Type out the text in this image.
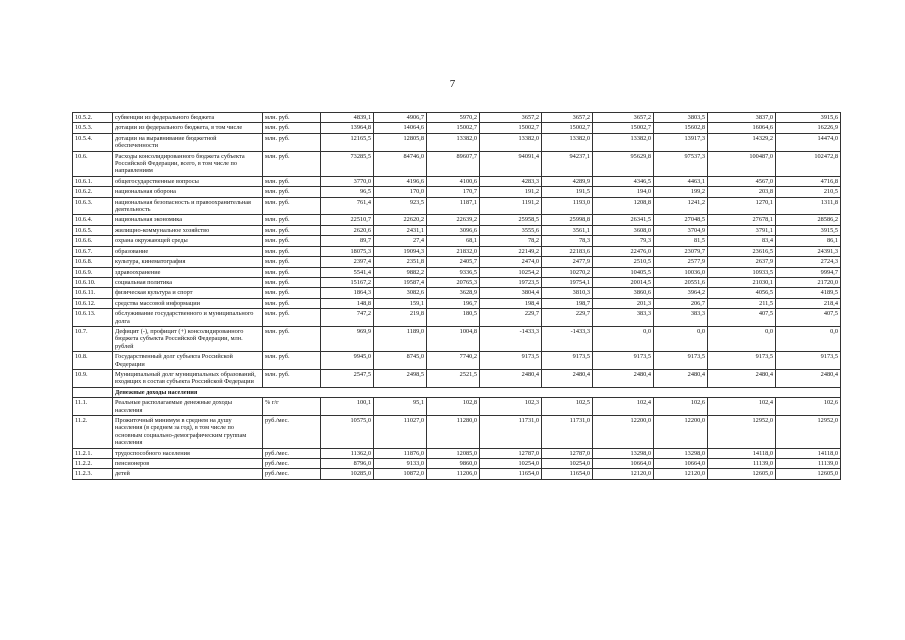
7
10.5.2.	субвенции из федерального бюджета	млн. руб.	4839,1	4906,7	5970,2	3657,2	3657,2	3657,2	3803,5	3837,0	3915,6
10.5.3.	дотации из федерального бюджета, в том числе	млн. руб.	13964,8	14064,6	15002,7	15002,7	15002,7	15002,7	15602,8	16064,6	16226,9
10.5.4.	дотации на выравнивание бюджетной обеспеченности	млн. руб.	12165,5	12805,8	13382,0	13382,0	13382,0	13382,0	13917,3	14329,2	14474,0
10.6.	Расходы консолидированного бюджета субъекта Российской Федерации, всего, в том числе по направлениям	млн. руб.	73285,5	84746,0	89607,7	94091,4	94237,1	95629,8	97537,3	100487,0	102472,8
10.6.1.	общегосударственные вопросы	млн. руб.	3770,0	4196,6	4100,6	4283,3	4289,9	4346,5	4463,1	4567,0	4716,8
10.6.2.	национальная оборона	млн. руб.	96,5	170,0	170,7	191,2	191,5	194,0	199,2	203,8	210,5
10.6.3.	национальная безопасность и правоохранительная деятельность	млн. руб.	761,4	923,5	1187,1	1191,2	1193,0	1208,8	1241,2	1270,1	1311,8
10.6.4.	национальная экономика	млн. руб.	22510,7	22620,2	22639,2	25958,5	25998,8	26341,5	27048,5	27678,1	28586,2
10.6.5.	жилищно-коммунальное хозяйство	млн. руб.	2620,6	2431,1	3096,6	3555,6	3561,1	3608,0	3704,9	3791,1	3915,5
10.6.6.	охрана окружающей среды	млн. руб.	89,7	27,4	68,1	78,2	78,3	79,3	81,5	83,4	86,1
10.6.7.	образование	млн. руб.	18075,3	19094,3	21832,0	22149,2	22183,6	22476,0	23079,7	23616,5	24391,3
10.6.8.	культура, кинематография	млн. руб.	2397,4	2351,8	2405,7	2474,0	2477,9	2510,5	2577,9	2637,9	2724,3
10.6.9.	здравоохранение	млн. руб.	5541,4	9882,2	9336,5	10254,2	10270,2	10405,5	10036,0	10933,5	9994,7
10.6.10.	социальная политика	млн. руб.	15167,2	19587,4	20765,3	19723,5	19754,1	20014,5	20551,6	21030,1	21720,0
10.6.11.	физическая культура и спорт	млн. руб.	1864,3	3082,6	3628,9	3804,4	3810,3	3860,6	3964,2	4056,5	4189,5
10.6.12.	средства массовой информации	млн. руб.	148,8	159,1	196,7	198,4	198,7	201,3	206,7	211,5	218,4
10.6.13.	обслуживание государственного и муниципального долга	млн. руб.	747,2	219,8	180,5	229,7	229,7	383,3	383,3	407,5	407,5
10.7.	Дефицит (-), профицит (+) консолидированного бюджета субъекта Российской Федерации, млн. рублей	млн. руб.	969,9	1189,0	1004,8	-1433,3	-1433,3	0,0	0,0	0,0	0,0
10.8.	Государственный долг субъекта Российской Федерации	млн. руб.	9945,0	8745,0	7740,2	9173,5	9173,5	9173,5	9173,5	9173,5	9173,5
10.9.	Муниципальный долг муниципальных образований, входящих в состав субъекта Российской Федерации	млн. руб.	2547,5	2498,5	2521,5	2480,4	2480,4	2480,4	2480,4	2480,4	2480,4
	Денежные доходы населения										
11.1.	Реальные располагаемые денежные доходы населения	% г/г	100,1	95,1	102,8	102,3	102,5	102,4	102,6	102,4	102,6
11.2.	Прожиточный минимум в среднем на душу населения (в среднем за год), в том числе по основным социально-демографическим группам населения	руб./мес.	10575,0	11027,0	11280,0	11731,0	11731,0	12200,0	12200,0	12952,0	12952,0
11.2.1.	трудоспособного населения	руб./мес.	11362,0	11876,0	12085,0	12787,0	12787,0	13298,0	13298,0	14118,0	14118,0
11.2.2.	пенсионеров	руб./мес.	8796,0	9133,0	9860,0	10254,0	10254,0	10664,0	10664,0	11139,0	11139,0
11.2.3.	детей	руб./мес.	10285,0	10872,0	11206,0	11654,0	11654,0	12120,0	12120,0	12605,0	12605,0
